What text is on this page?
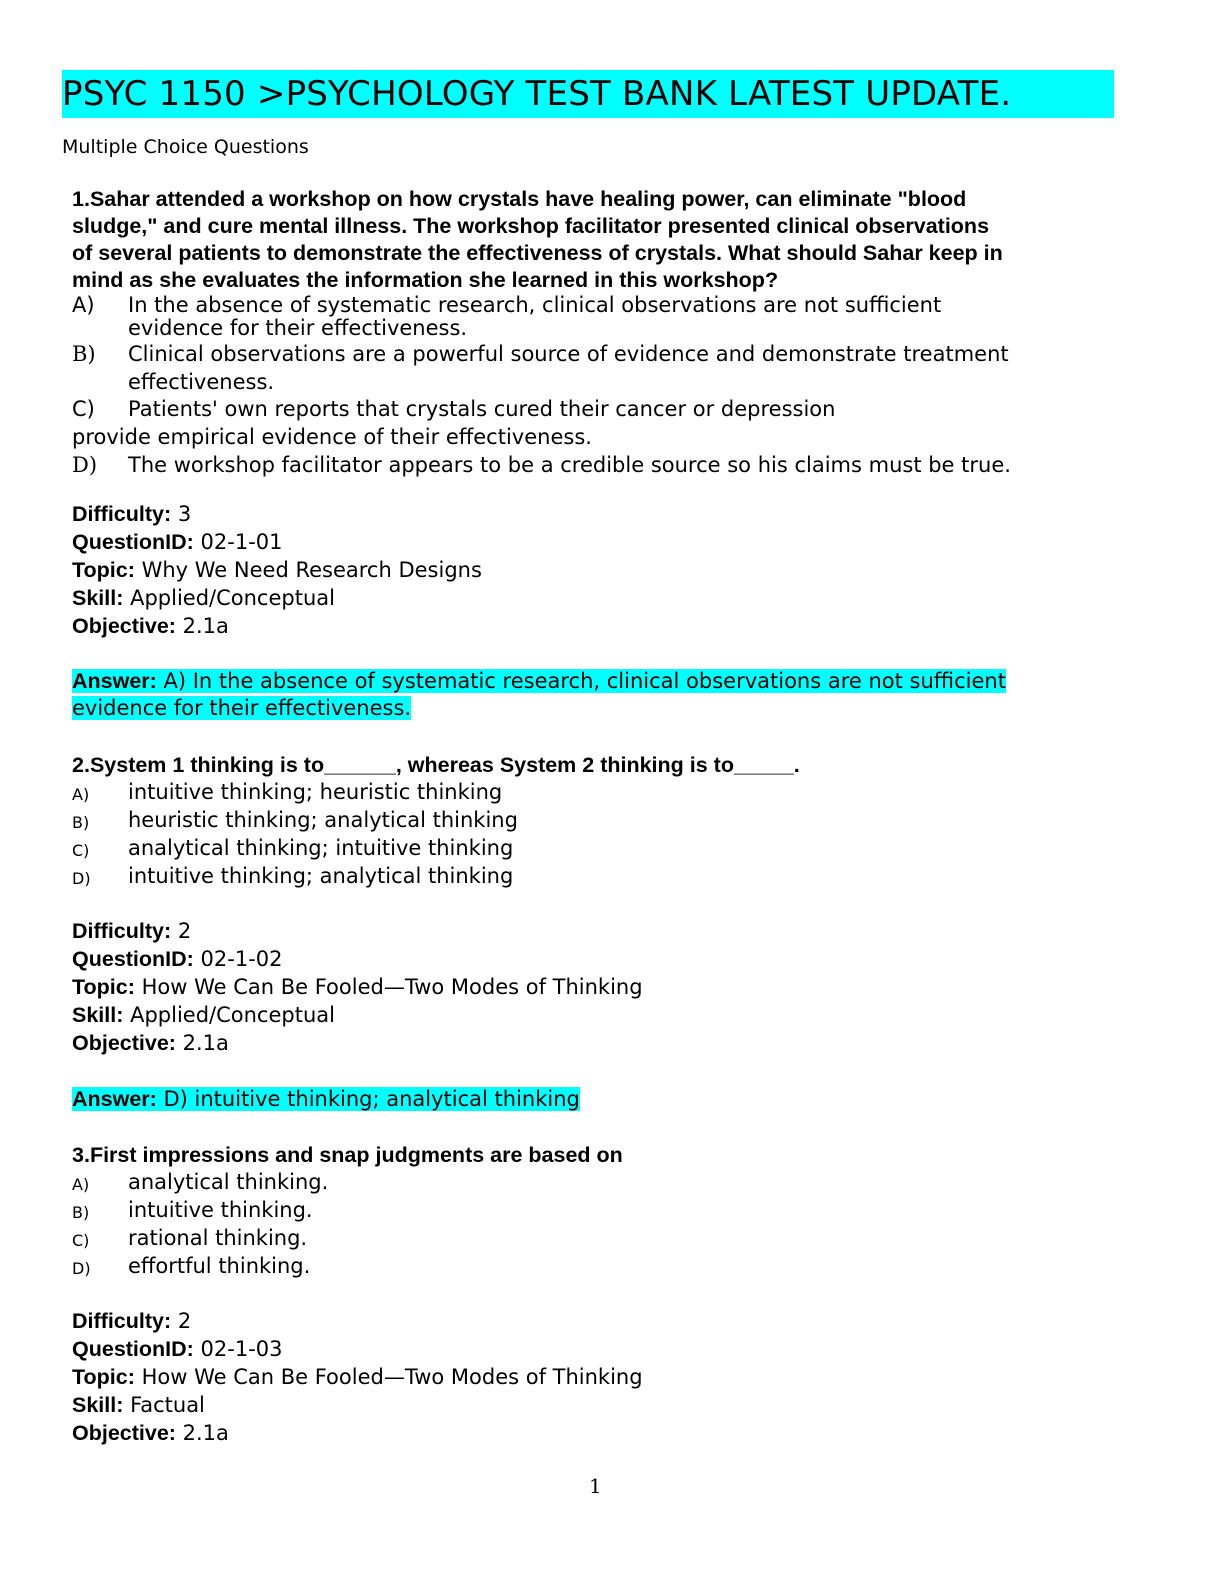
PSYC 1150 >PSYCHOLOGY TEST BANK LATEST UPDATE.
Multiple Choice Questions
1.Sahar attended a workshop on how crystals have healing power, can eliminate "blood
sludge," and cure mental illness. The workshop facilitator presented clinical observations
of several patients to demonstrate the effectiveness of crystals. What should Sahar keep in
mind as she evaluates the information she learned in this workshop?
A) In the absence of systematic research, clinical observations are not sufficient
evidence for their effectiveness.
B) Clinical observations are a powerful source of evidence and demonstrate treatment
effectiveness.
C) Patients' own reports that crystals cured their cancer or depression
provide empirical evidence of their effectiveness.
D) The workshop facilitator appears to be a credible source so his claims must be true.
Difficulty: 3
QuestionID: 02-1-01
Topic: Why We Need Research Designs
Skill: Applied/Conceptual
Objective: 2.1a
Answer: A) In the absence of systematic research, clinical observations are not sufficient
evidence for their effectiveness.
2.System 1 thinking is to______, whereas System 2 thinking is to_____.
A) intuitive thinking; heuristic thinking
B) heuristic thinking; analytical thinking
C) analytical thinking; intuitive thinking
D) intuitive thinking; analytical thinking
Difficulty: 2
QuestionID: 02-1-02
Topic: How We Can Be Fooled—Two Modes of Thinking
Skill: Applied/Conceptual
Objective: 2.1a
Answer: D) intuitive thinking; analytical thinking
3.First impressions and snap judgments are based on
A) analytical thinking.
B) intuitive thinking.
C) rational thinking.
D) effortful thinking.
Difficulty: 2
QuestionID: 02-1-03
Topic: How We Can Be Fooled—Two Modes of Thinking
Skill: Factual
Objective: 2.1a
1
